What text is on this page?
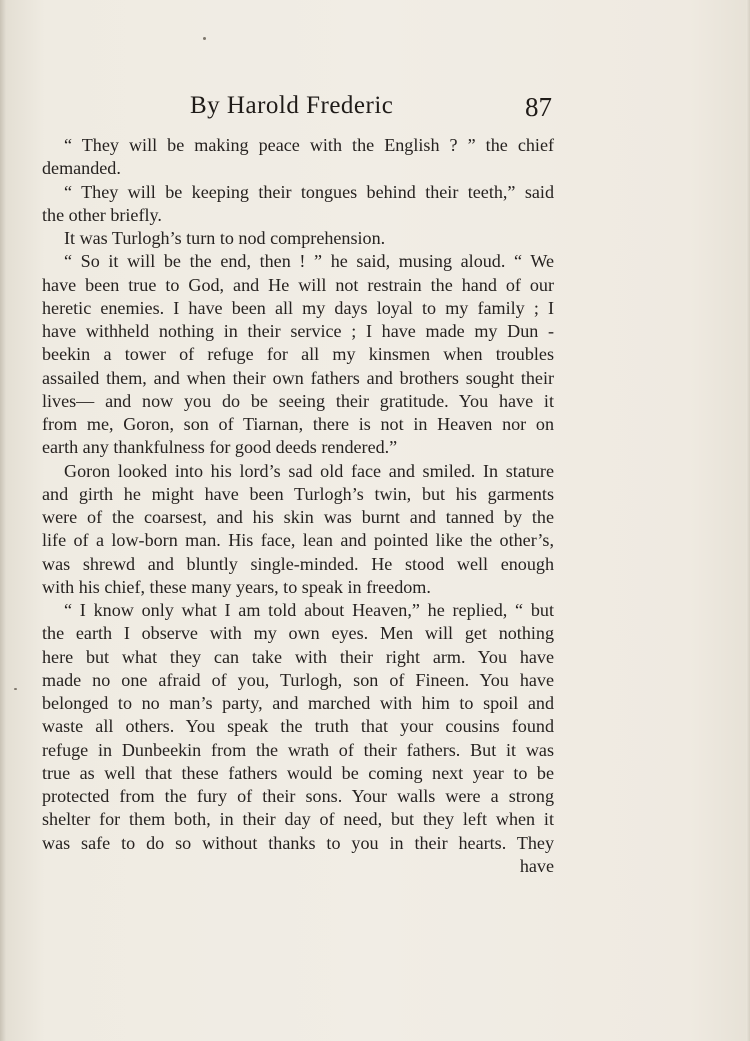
By Harold Frederic	87
“ They will be making peace with the English ? ” the chief
demanded.
“ They will be keeping their tongues behind their teeth,” said
the other briefly.
It was Turlogh’s turn to nod comprehension.
“ So it will be the end, then ! ” he said, musing aloud. “ We
have been true to God, and He will not restrain the hand of our
heretic enemies. I have been all my days loyal to my family ; I
have withheld nothing in their service ; I have made my Dun -
beekin a tower of refuge for all my kinsmen when troubles
assailed them, and when their own fathers and brothers sought their
lives— and now you do be seeing their gratitude. You have it
from me, Goron, son of Tiarnan, there is not in Heaven nor on
earth any thankfulness for good deeds rendered.”
Goron looked into his lord’s sad old face and smiled. In stature
and girth he might have been Turlogh’s twin, but his garments
were of the coarsest, and his skin was burnt and tanned by the
life of a low-born man. His face, lean and pointed like the other’s,
was shrewd and bluntly single-minded. He stood well enough
with his chief, these many years, to speak in freedom.
“ I know only what I am told about Heaven,” he replied, “ but
the earth I observe with my own eyes. Men will get nothing
here but what they can take with their right arm. You have
made no one afraid of you, Turlogh, son of Fineen. You have
belonged to no man’s party, and marched with him to spoil and
waste all others. You speak the truth that your cousins found
refuge in Dunbeekin from the wrath of their fathers. But it was
true as well that these fathers would be coming next year to be
protected from the fury of their sons. Your walls were a strong
shelter for them both, in their day of need, but they left when it
was safe to do so without thanks to you in their hearts. They
have
